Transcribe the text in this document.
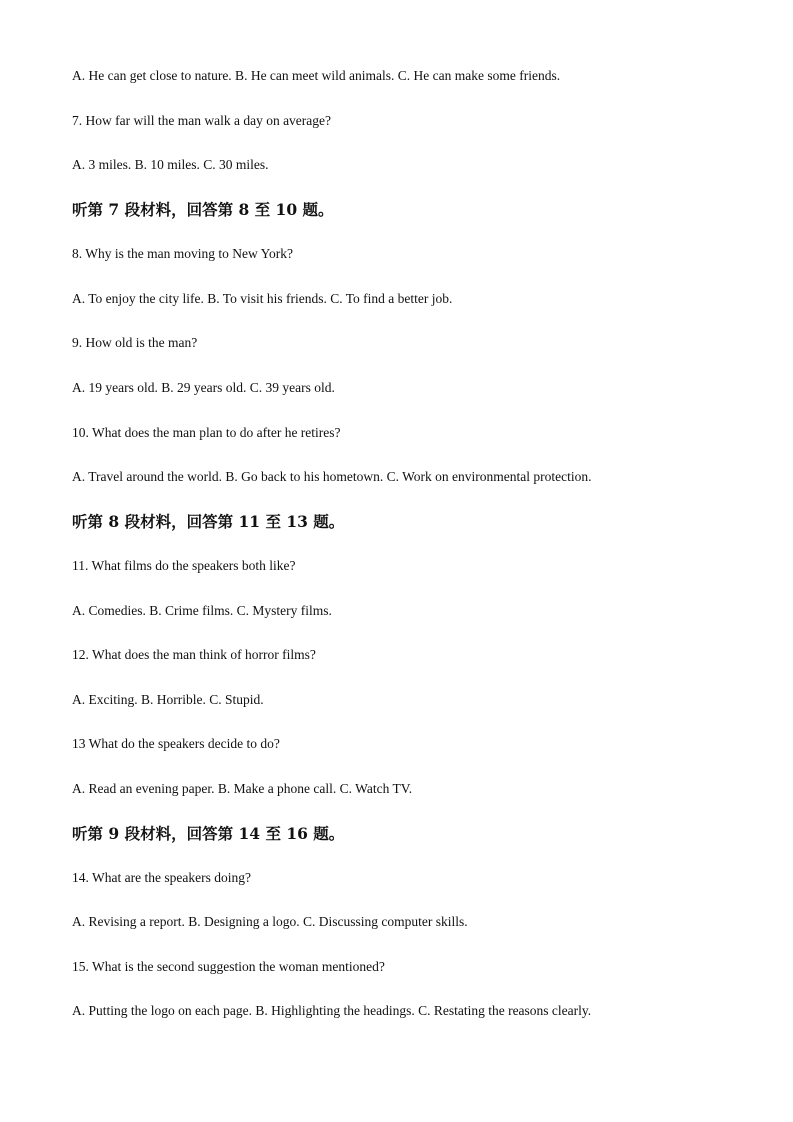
A. He can get close to nature. B. He can meet wild animals. C. He can make some friends.
7. How far will the man walk a day on average?
A. 3 miles. B. 10 miles. C. 30 miles.
听第 7 段材料，回答第 8 至 10 题。
8. Why is the man moving to New York?
A. To enjoy the city life. B. To visit his friends. C. To find a better job.
9. How old is the man?
A. 19 years old. B. 29 years old. C. 39 years old.
10. What does the man plan to do after he retires?
A. Travel around the world. B. Go back to his hometown. C. Work on environmental protection.
听第 8 段材料，回答第 11 至 13 题。
11. What films do the speakers both like?
A. Comedies. B. Crime films. C. Mystery films.
12. What does the man think of horror films?
A. Exciting. B. Horrible. C. Stupid.
13 What do the speakers decide to do?
A. Read an evening paper. B. Make a phone call. C. Watch TV.
听第 9 段材料，回答第 14 至 16 题。
14. What are the speakers doing?
A. Revising a report. B. Designing a logo. C. Discussing computer skills.
15. What is the second suggestion the woman mentioned?
A. Putting the logo on each page. B. Highlighting the headings. C. Restating the reasons clearly.
